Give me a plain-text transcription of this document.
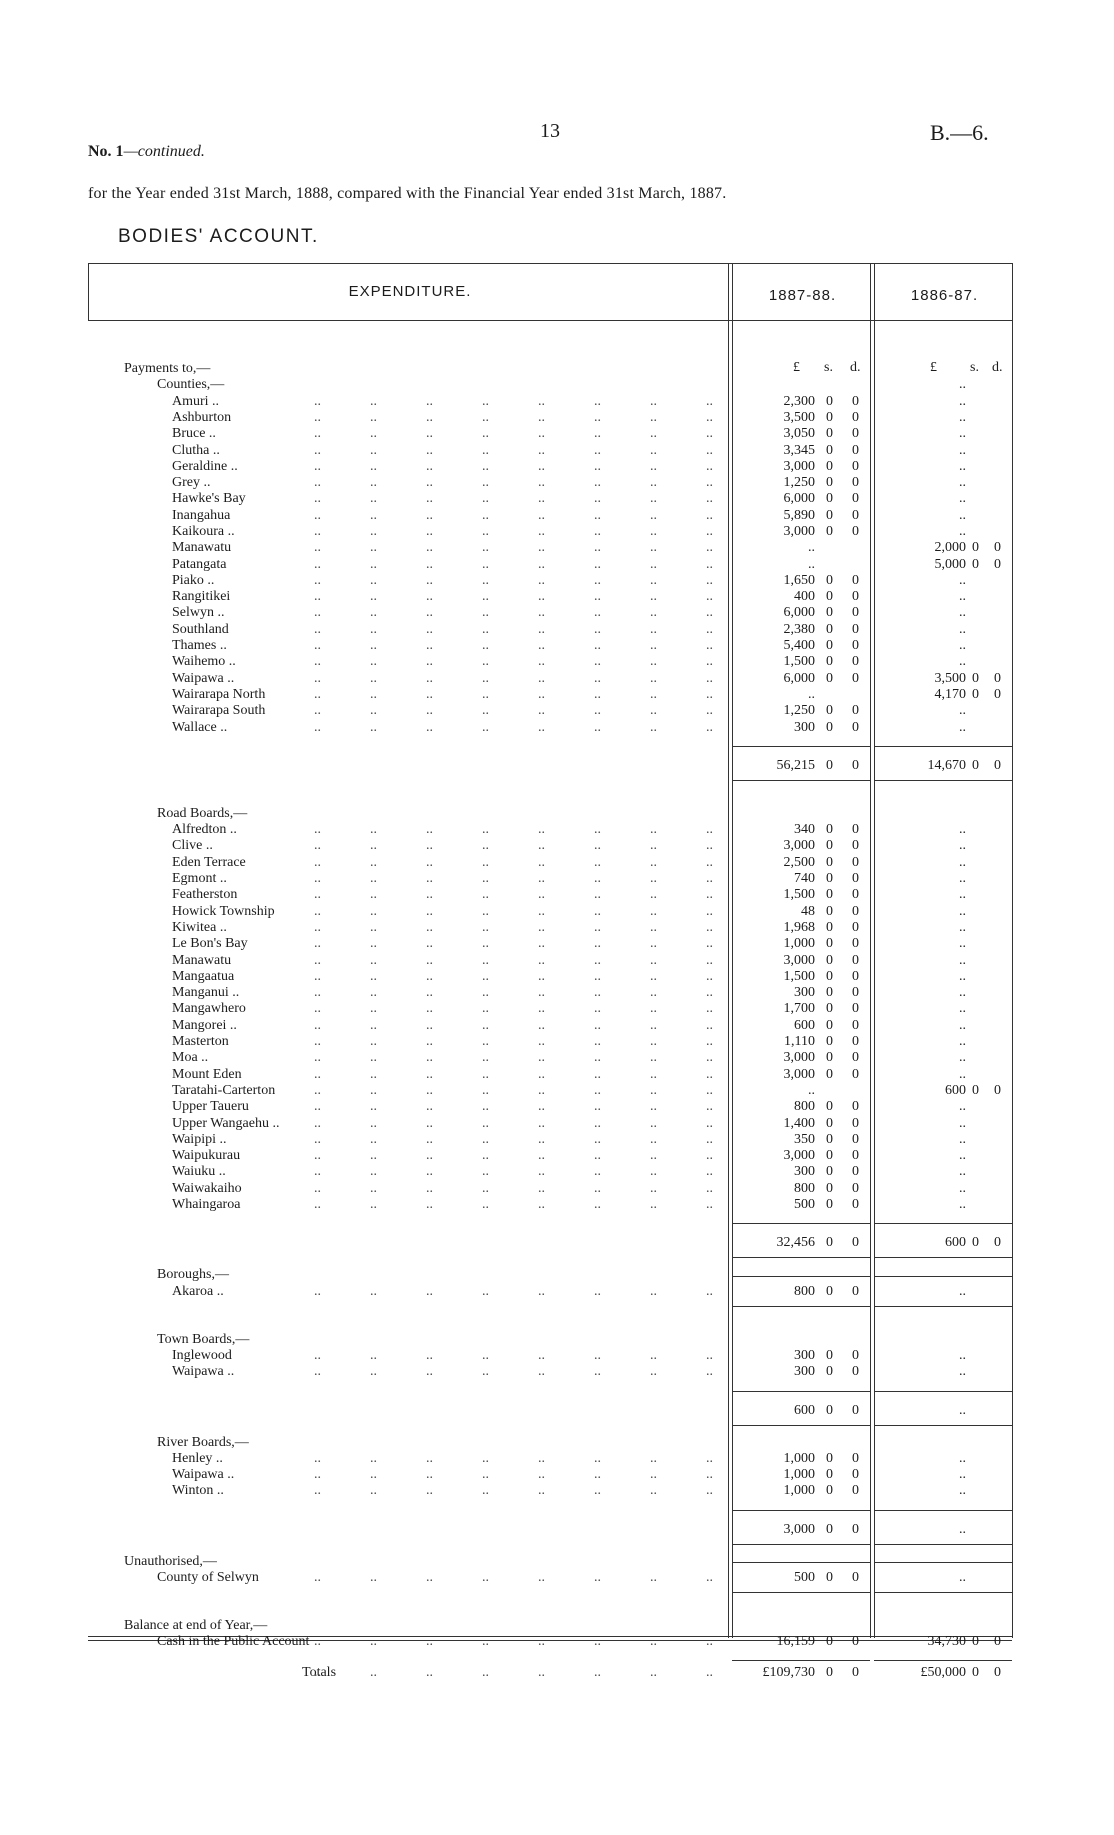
13	B.—6.
No. 1—continued.
for the Year ended 31st March, 1888, compared with the Financial Year ended 31st March, 1887.
BODIES' ACCOUNT.
EXPENDITURE.	1887-88.	1886-87.
£ s. d.	£ s. d.
Payments to,—
Counties,—	..
Amuri .. ..	2,300 0 0	..
Ashburton ..	3,500 0 0	..
Bruce .. ..	3,050 0 0	..
Clutha .. ..	3,345 0 0	..
Geraldine .. ..	3,000 0 0	..
Grey .. ..	1,250 0 0	..
Hawke's Bay ..	6,000 0 0	..
Inangahua ..	5,890 0 0	..
Kaikoura .. ..	3,000 0 0	..
Manawatu ..	..	2,000 0 0
Patangata ..	..	5,000 0 0
Piako .. ..	1,650 0 0	..
Rangitikei ..	400 0 0	..
Selwyn .. ..	6,000 0 0	..
Southland ..	2,380 0 0	..
Thames .. ..	5,400 0 0	..
Waihemo .. ..	1,500 0 0	..
Waipawa .. ..	6,000 0 0	3,500 0 0
Wairarapa North ..	..	4,170 0 0
Wairarapa South ..	1,250 0 0	..
Wallace .. ..	300 0 0	..
56,215 0 0	14,670 0 0
Road Boards,—
Alfredton .. ..	340 0 0	..
Clive .. ..	3,000 0 0	..
Eden Terrace ..	2,500 0 0	..
Egmont .. ..	740 0 0	..
Featherston ..	1,500 0 0	..
Howick Township ..	48 0 0	..
Kiwitea .. ..	1,968 0 0	..
Le Bon's Bay ..	1,000 0 0	..
Manawatu ..	3,000 0 0	..
Mangaatua ..	1,500 0 0	..
Manganui .. ..	300 0 0	..
Mangawhero ..	1,700 0 0	..
Mangorei .. ..	600 0 0	..
Masterton ..	1,110 0 0	..
Moa .. ..	3,000 0 0	..
Mount Eden ..	3,000 0 0	..
Taratahi-Carterton ..	..	600 0 0
Upper Taueru ..	800 0 0	..
Upper Wangaehu .. ..	1,400 0 0	..
Waipipi .. ..	350 0 0	..
Waipukurau ..	3,000 0 0	..
Waiuku .. ..	300 0 0	..
Waiwakaiho ..	800 0 0	..
Whaingaroa ..	500 0 0	..
32,456 0 0	600 0 0
Boroughs,—
Akaroa .. ..	800 0 0	..
Town Boards,—
Inglewood ..	300 0 0	..
Waipawa .. ..	300 0 0	..
600 0 0	..
River Boards,—
Henley .. ..	1,000 0 0	..
Waipawa .. ..	1,000 0 0	..
Winton .. ..	1,000 0 0	..
3,000 0 0	..
Unauthorised,—
County of Selwyn ..	500 0 0	..
Balance at end of Year,—
Cash in the Public Account ..	16,159 0 0	34,730 0 0
Totals ..	£109,730 0 0	£50,000 0 0
